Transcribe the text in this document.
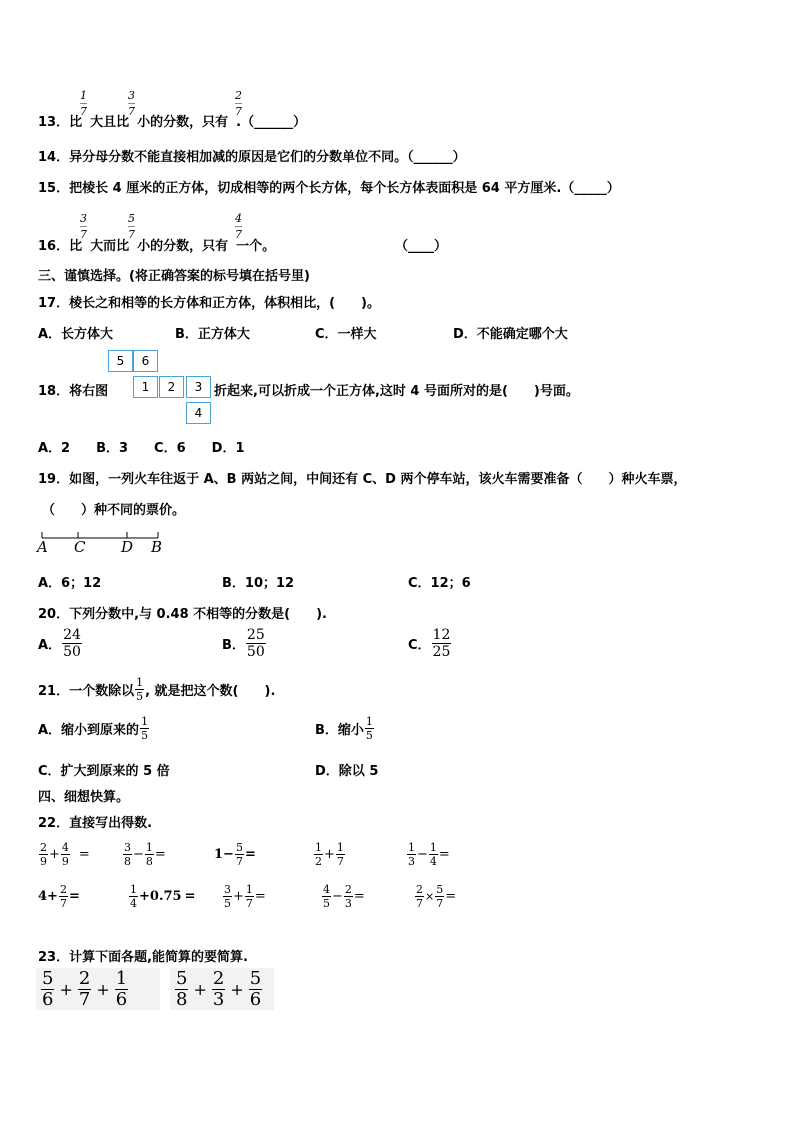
1
7
3
7
2
7
13．比 大且比 小的分数，只有 .（______）
14．异分母分数不能直接相加减的原因是它们的分数单位不同。（______）
15．把棱长 4 厘米的正方体，切成相等的两个长方体，每个长方体表面积是 64 平方厘米.（_____）
3
7
5
7
4
7
16．比 大而比 小的分数，只有 一个。	（____）
三、谨慎选择。(将正确答案的标号填在括号里)
17．棱长之和相等的长方体和正方体，体积相比，(　　)。
A．长方体大	B．正方体大	C．一样大	D．不能确定哪个大
18．将右图
5	6
1	2	3
4
折起来,可以折成一个正方体,这时 4 号面所对的是(　　)号面。
A．2　　B．3　　C．6　　D．1
19．如图，一列火车往返于 A、B 两站之间，中间还有 C、D 两个停车站，该火车需要准备（　　）种火车票，
（　　）种不同的票价。
A C D B
A．6；12	B．10；12	C．12；6
20．下列分数中,与 0.48 不相等的分数是(　　).
A． $\frac{24}{50}$	B． $\frac{25}{50}$	C． $\frac{12}{25}$
21．一个数除以 $\frac{1}{5}$ , 就是把这个数(　　).
A．缩小到原来的 $\frac{1}{5}$	B．缩小 $\frac{1}{5}$
C．扩大到原来的 5 倍	D．除以 5
四、细想快算。
22．直接写出得数.
$\frac{2}{9} + \frac{4}{9}$ =	$\frac{3}{8} - \frac{1}{8}$ =	$1- \frac{5}{7}$ =	$\frac{1}{2} + \frac{1}{7}$	$\frac{1}{3} - \frac{1}{4}$ =
$4+ \frac{2}{7}$ =	$\frac{1}{4} +0.75$ =	$\frac{3}{5} + \frac{1}{7}$ =	$\frac{4}{5} - \frac{2}{3}$ =	$\frac{2}{7} \times \frac{5}{7}$ =
23．计算下面各题,能简算的要简算.
$\frac{5}{6} + \frac{2}{7} + \frac{1}{6}$	$\frac{5}{8} + \frac{2}{3} + \frac{5}{6}$
